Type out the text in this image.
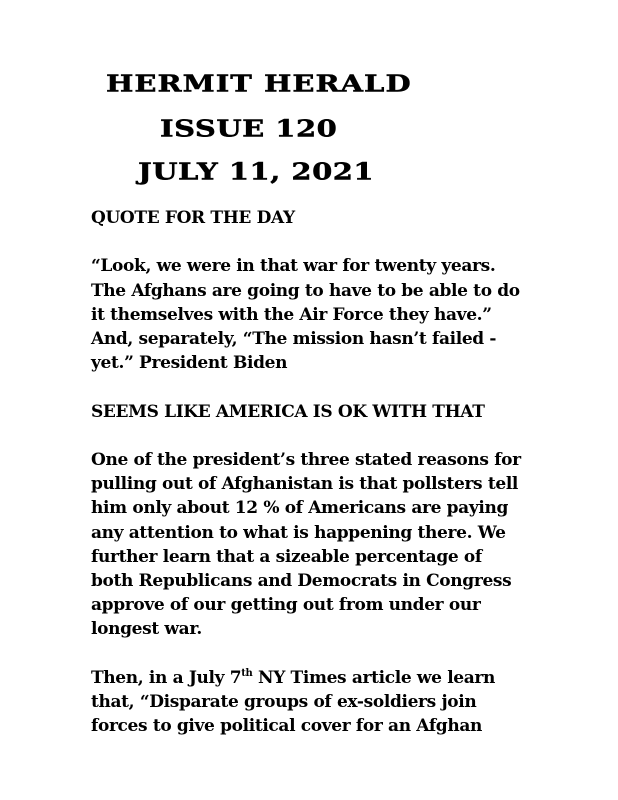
HERMIT HERALD
ISSUE 120
JULY 11, 2021

QUOTE FOR THE DAY

“Look, we were in that war for twenty years.
The Afghans are going to have to be able to do
it themselves with the Air Force they have.”
And, separately, “The mission hasn’t failed -
yet.” President Biden

SEEMS LIKE AMERICA IS OK WITH THAT

One of the president’s three stated reasons for
pulling out of Afghanistan is that pollsters tell
him only about 12 % of Americans are paying
any attention to what is happening there. We
further learn that a sizeable percentage of
both Republicans and Democrats in Congress
approve of our getting out from under our
longest war.

Then, in a July 7th NY Times article we learn
that, “Disparate groups of ex-soldiers join
forces to give political cover for an Afghan
